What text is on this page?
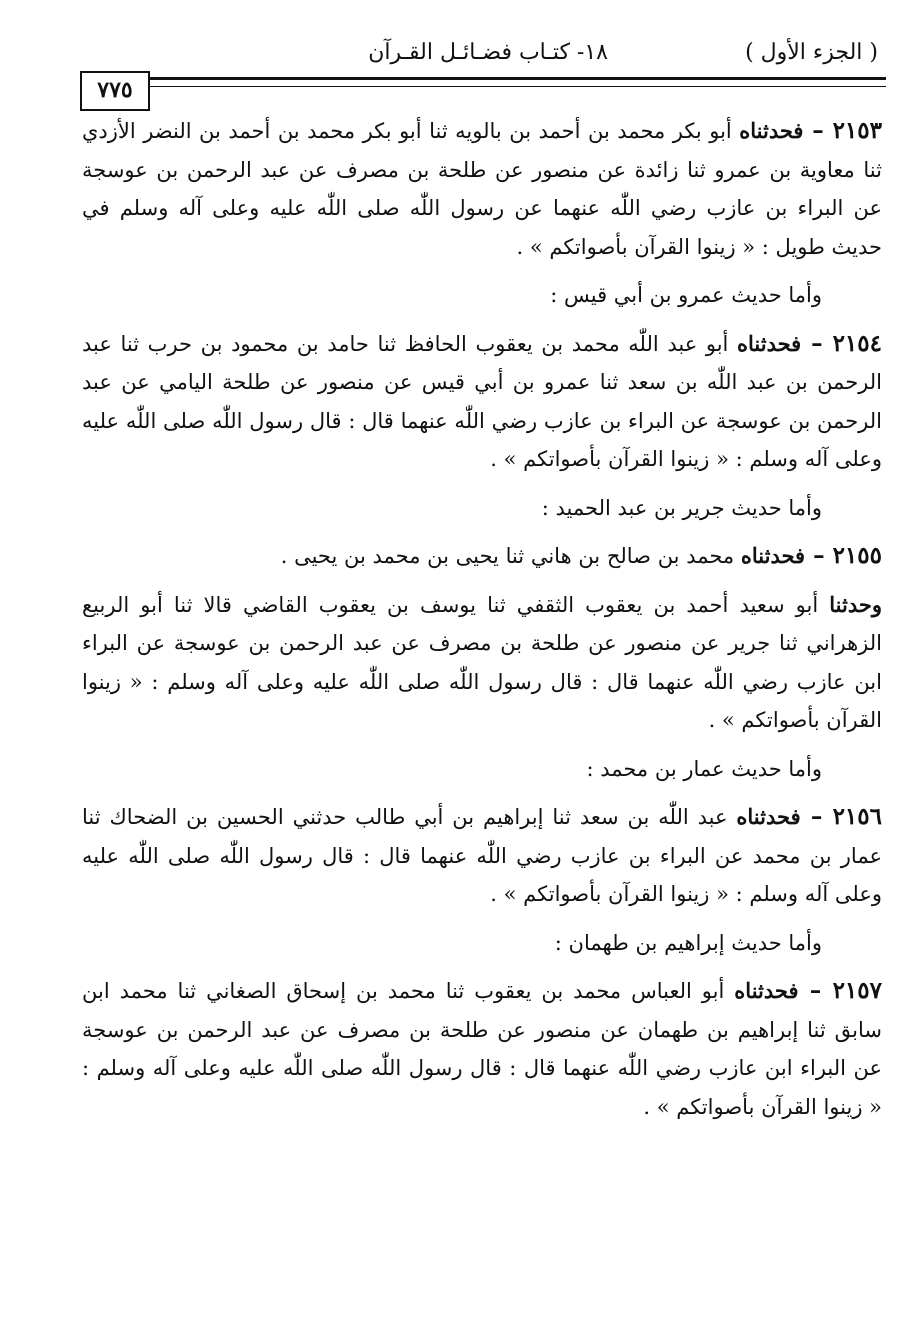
( الجزء الأول )
١٨- كتـاب فضـائـل القـرآن
٧٧٥

٢١٥٣ – فحدثناه أبو بكر محمد بن أحمد بن بالويه ثنا أبو بكر محمد بن أحمد بن النضر الأزدي ثنا معاوية بن عمرو ثنا زائدة عن منصور عن طلحة بن مصرف عن عبد الرحمن بن عوسجة عن البراء بن عازب رضي اللّٰه عنهما عن رسول اللّٰه صلى اللّٰه عليه وعلى آله وسلم في حديث طويل : « زينوا القرآن بأصواتكم » .

وأما حديث عمرو بن أبي قيس :

٢١٥٤ – فحدثناه أبو عبد اللّٰه محمد بن يعقوب الحافظ ثنا حامد بن محمود بن حرب ثنا عبد الرحمن بن عبد اللّٰه بن سعد ثنا عمرو بن أبي قيس عن منصور عن طلحة اليامي عن عبد الرحمن بن عوسجة عن البراء بن عازب رضي اللّٰه عنهما قال : قال رسول اللّٰه صلى اللّٰه عليه وعلى آله وسلم : « زينوا القرآن بأصواتكم » .

وأما حديث جرير بن عبد الحميد :

٢١٥٥ – فحدثناه محمد بن صالح بن هاني ثنا يحيى بن محمد بن يحيى .

وحدثنا أبو سعيد أحمد بن يعقوب الثقفي ثنا يوسف بن يعقوب القاضي قالا ثنا أبو الربيع الزهراني ثنا جرير عن منصور عن طلحة بن مصرف عن عبد الرحمن بن عوسجة عن البراء ابن عازب رضي اللّٰه عنهما قال : قال رسول اللّٰه صلى اللّٰه عليه وعلى آله وسلم : « زينوا القرآن بأصواتكم » .

وأما حديث عمار بن محمد :

٢١٥٦ – فحدثناه عبد اللّٰه بن سعد ثنا إبراهيم بن أبي طالب حدثني الحسين بن الضحاك ثنا عمار بن محمد عن البراء بن عازب رضي اللّٰه عنهما قال : قال رسول اللّٰه صلى اللّٰه عليه وعلى آله وسلم : « زينوا القرآن بأصواتكم » .

وأما حديث إبراهيم بن طهمان :

٢١٥٧ – فحدثناه أبو العباس محمد بن يعقوب ثنا محمد بن إسحاق الصغاني ثنا محمد ابن سابق ثنا إبراهيم بن طهمان عن منصور عن طلحة بن مصرف عن عبد الرحمن بن عوسجة عن البراء ابن عازب رضي اللّٰه عنهما قال : قال رسول اللّٰه صلى اللّٰه عليه وعلى آله وسلم : « زينوا القرآن بأصواتكم » .
